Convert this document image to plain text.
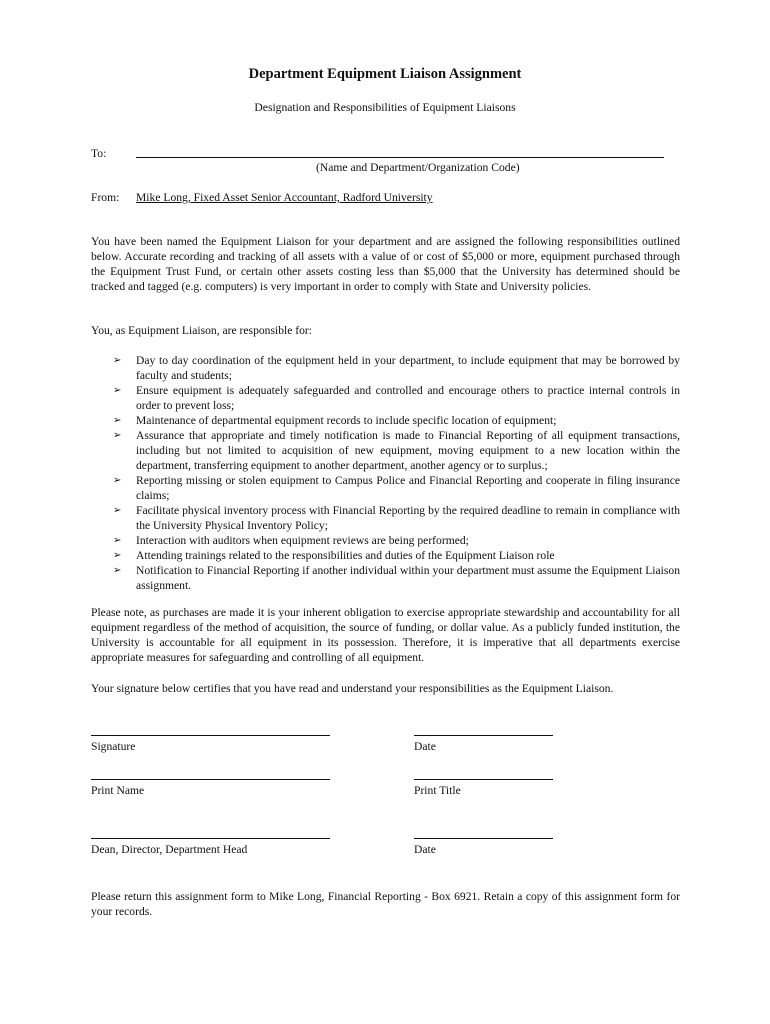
Department Equipment Liaison Assignment
Designation and Responsibilities of Equipment Liaisons
To:
(Name and Department/Organization Code)
From: Mike Long, Fixed Asset Senior Accountant, Radford University
You have been named the Equipment Liaison for your department and are assigned the following responsibilities outlined below. Accurate recording and tracking of all assets with a value of or cost of $5,000 or more, equipment purchased through the Equipment Trust Fund, or certain other assets costing less than $5,000 that the University has determined should be tracked and tagged (e.g. computers) is very important in order to comply with State and University policies.
You, as Equipment Liaison, are responsible for:
➢ Day to day coordination of the equipment held in your department, to include equipment that may be borrowed by faculty and students;
➢ Ensure equipment is adequately safeguarded and controlled and encourage others to practice internal controls in order to prevent loss;
➢ Maintenance of departmental equipment records to include specific location of equipment;
➢ Assurance that appropriate and timely notification is made to Financial Reporting of all equipment transactions, including but not limited to acquisition of new equipment, moving equipment to a new location within the department, transferring equipment to another department, another agency or to surplus.;
➢ Reporting missing or stolen equipment to Campus Police and Financial Reporting and cooperate in filing insurance claims;
➢ Facilitate physical inventory process with Financial Reporting by the required deadline to remain in compliance with the University Physical Inventory Policy;
➢ Interaction with auditors when equipment reviews are being performed;
➢ Attending trainings related to the responsibilities and duties of the Equipment Liaison role
➢ Notification to Financial Reporting if another individual within your department must assume the Equipment Liaison assignment.
Please note, as purchases are made it is your inherent obligation to exercise appropriate stewardship and accountability for all equipment regardless of the method of acquisition, the source of funding, or dollar value. As a publicly funded institution, the University is accountable for all equipment in its possession. Therefore, it is imperative that all departments exercise appropriate measures for safeguarding and controlling of all equipment.
Your signature below certifies that you have read and understand your responsibilities as the Equipment Liaison.
Signature	Date
Print Name	Print Title
Dean, Director, Department Head	Date
Please return this assignment form to Mike Long, Financial Reporting - Box 6921. Retain a copy of this assignment form for your records.
